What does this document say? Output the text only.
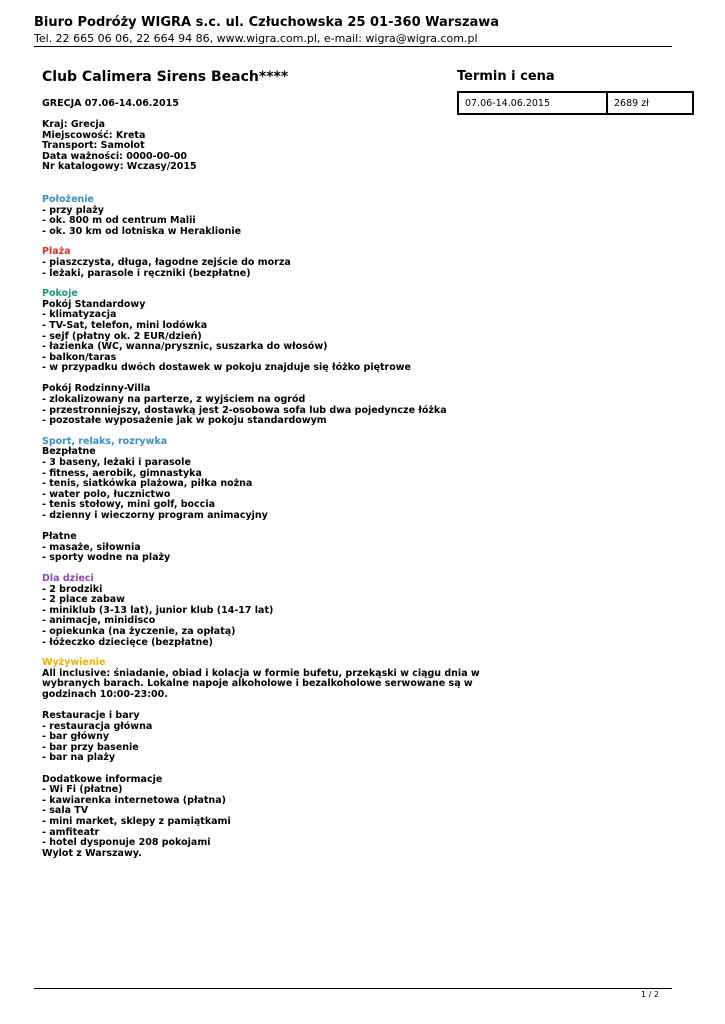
Biuro Podróży WIGRA s.c. ul. Człuchowska 25 01-360 Warszawa
Tel. 22 665 06 06, 22 664 94 86, www.wigra.com.pl, e-mail: wigra@wigra.com.pl
Club Calimera Sirens Beach****
GRECJA 07.06-14.06.2015
Kraj: Grecja
Miejscowość: Kreta
Transport: Samolot
Data ważności: 0000-00-00
Nr katalogowy: Wczasy/2015
Położenie
- przy plaży
- ok. 800 m od centrum Malii
- ok. 30 km od lotniska w Heraklionie
Plaża
- piaszczysta, długa, łagodne zejście do morza
- leżaki, parasole i ręczniki (bezpłatne)
Pokoje
Pokój Standardowy
- klimatyzacja
- TV-Sat, telefon, mini lodówka
- sejf (płatny ok. 2 EUR/dzień)
- łazienka (WC, wanna/prysznic, suszarka do włosów)
- balkon/taras
- w przypadku dwóch dostawek w pokoju znajduje się łóżko piętrowe
Pokój Rodzinny-Villa
- zlokalizowany na parterze, z wyjściem na ogród
- przestronniejszy, dostawką jest 2-osobowa sofa lub dwa pojedyncze łóżka
- pozostałe wyposażenie jak w pokoju standardowym
Sport, relaks, rozrywka
Bezpłatne
- 3 baseny, leżaki i parasole
- fitness, aerobik, gimnastyka
- tenis, siatkówka plażowa, piłka nożna
- water polo, łucznictwo
- tenis stołowy, mini golf, boccia
- dzienny i wieczorny program animacyjny
Płatne
- masaże, siłownia
- sporty wodne na plaży
Dla dzieci
- 2 brodziki
- 2 place zabaw
- miniklub (3-13 lat), junior klub (14-17 lat)
- animacje, minidisco
- opiekunka (na życzenie, za opłatą)
- łóżeczko dziecięce (bezpłatne)
Wyżywienie
All inclusive: śniadanie, obiad i kolacja w formie bufetu, przekąski w ciągu dnia w
wybranych barach. Lokalne napoje alkoholowe i bezalkoholowe serwowane są w
godzinach 10:00-23:00.
Restauracje i bary
- restauracja główna
- bar główny
- bar przy basenie
- bar na plaży
Dodatkowe informacje
- Wi Fi (płatne)
- kawiarenka internetowa (płatna)
- sala TV
- mini market, sklepy z pamiątkami
- amfiteatr
- hotel dysponuje 208 pokojami
Wylot z Warszawy.
Termin i cena
07.06-14.06.2015	2689 zł
1 / 2
